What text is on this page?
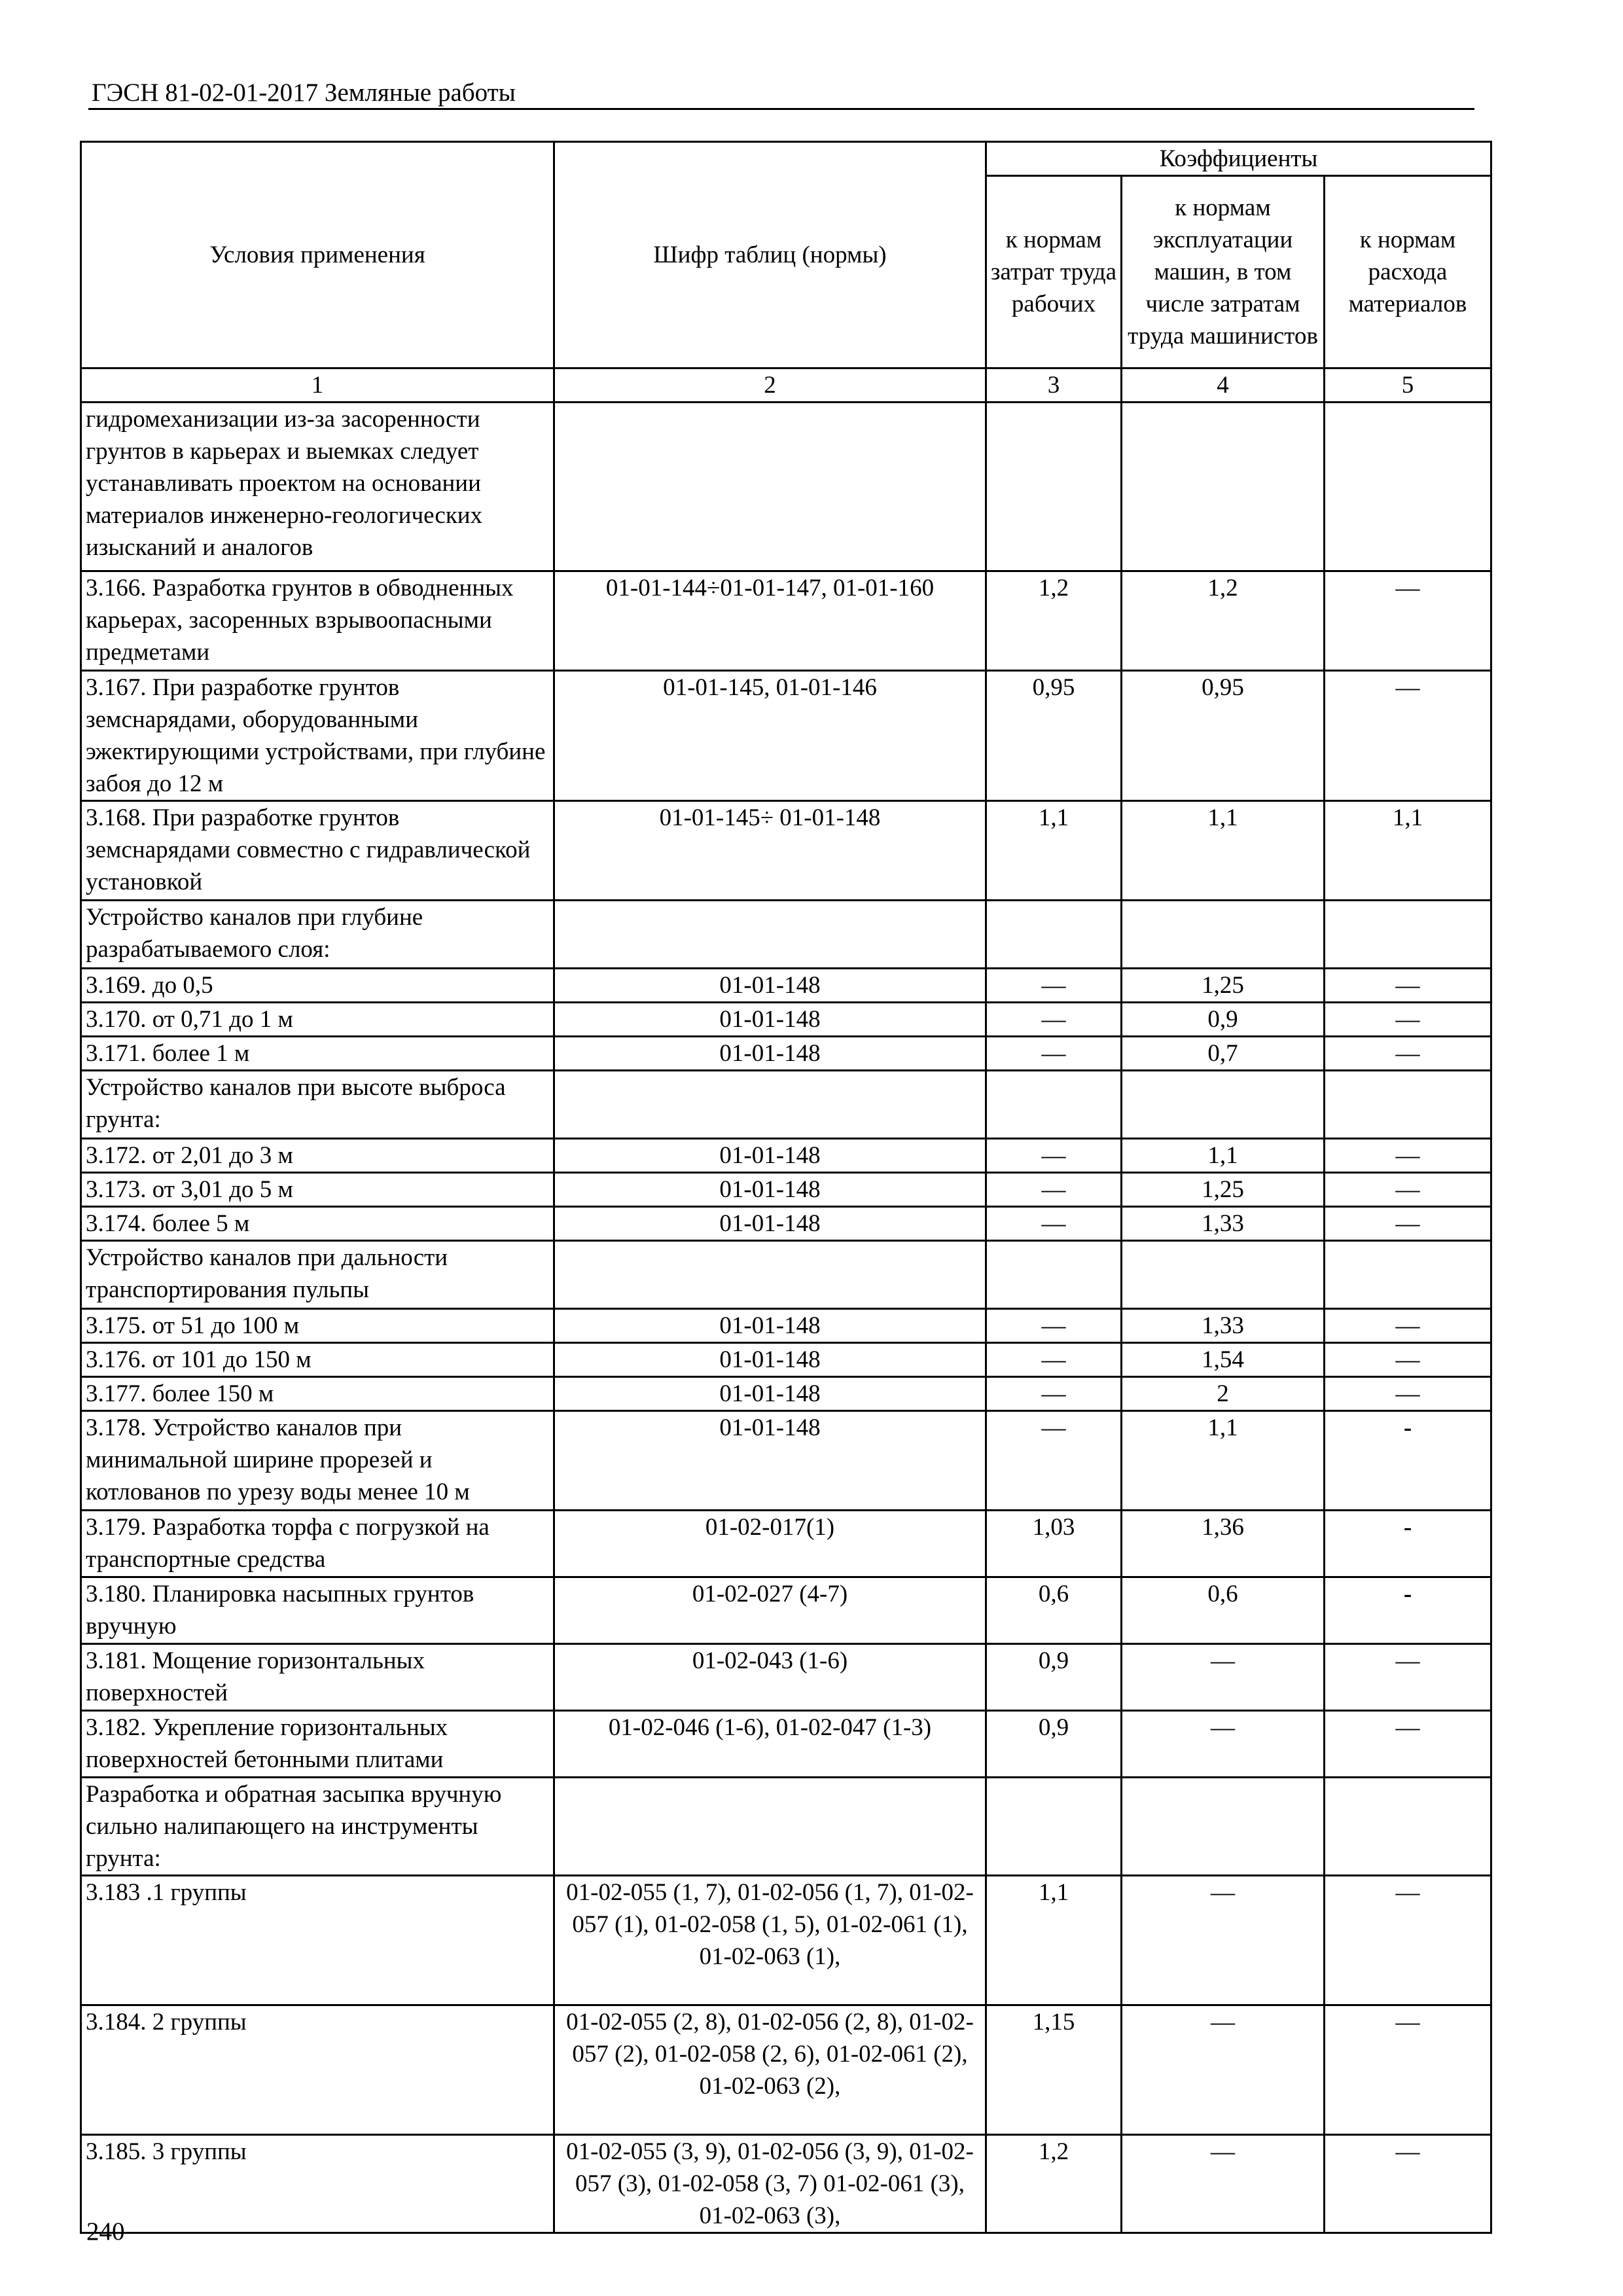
ГЭСН 81-02-01-2017 Земляные работы
Условия применения	Шифр таблиц (нормы)	Коэффициенты		
		к нормам затрат труда рабочих	к нормам эксплуатации машин, в том числе затратам труда машинистов	к нормам расхода материалов
1	2	3	4	5
гидромеханизации из-за засоренности грунтов в карьерах и выемках следует устанавливать проектом на основании материалов инженерно-геологических изысканий и аналогов				
3.166. Разработка грунтов в обводненных карьерах, засоренных взрывоопасными предметами	01-01-144÷01-01-147, 01-01-160	1,2	1,2	—
3.167. При разработке грунтов земснарядами, оборудованными эжектирующими устройствами, при глубине забоя до 12 м	01-01-145, 01-01-146	0,95	0,95	—
3.168. При разработке грунтов земснарядами совместно с гидравлической установкой	01-01-145÷ 01-01-148	1,1	1,1	1,1
Устройство каналов при глубине разрабатываемого слоя:				
3.169. до 0,5	01-01-148	—	1,25	—
3.170. от 0,71 до 1 м	01-01-148	—	0,9	—
3.171. более 1 м	01-01-148	—	0,7	—
Устройство каналов при высоте выброса грунта:				
3.172. от 2,01 до 3 м	01-01-148	—	1,1	—
3.173. от 3,01 до 5 м	01-01-148	—	1,25	—
3.174. более 5 м	01-01-148	—	1,33	—
Устройство каналов при дальности транспортирования пульпы				
3.175. от 51 до 100 м	01-01-148	—	1,33	—
3.176. от 101 до 150 м	01-01-148	—	1,54	—
3.177. более 150 м	01-01-148	—	2	—
3.178. Устройство каналов при минимальной ширине прорезей и котлованов по урезу воды менее 10 м	01-01-148	—	1,1	-
3.179. Разработка торфа с погрузкой на транспортные средства	01-02-017(1)	1,03	1,36	-
3.180. Планировка насыпных грунтов вручную	01-02-027 (4-7)	0,6	0,6	-
3.181. Мощение горизонтальных поверхностей	01-02-043 (1-6)	0,9	—	—
3.182. Укрепление горизонтальных поверхностей бетонными плитами	01-02-046 (1-6), 01-02-047 (1-3)	0,9	—	—
Разработка и обратная засыпка вручную сильно налипающего на инструменты грунта:				
3.183 .1 группы	01-02-055 (1, 7), 01-02-056 (1, 7), 01-02-057 (1), 01-02-058 (1, 5), 01-02-061 (1), 01-02-063 (1),	1,1	—	—
3.184. 2 группы	01-02-055 (2, 8), 01-02-056 (2, 8), 01-02-057 (2), 01-02-058 (2, 6), 01-02-061 (2), 01-02-063 (2),	1,15	—	—
3.185. 3 группы	01-02-055 (3, 9), 01-02-056 (3, 9), 01-02-057 (3), 01-02-058 (3, 7) 01-02-061 (3), 01-02-063 (3),	1,2	—	—
240
